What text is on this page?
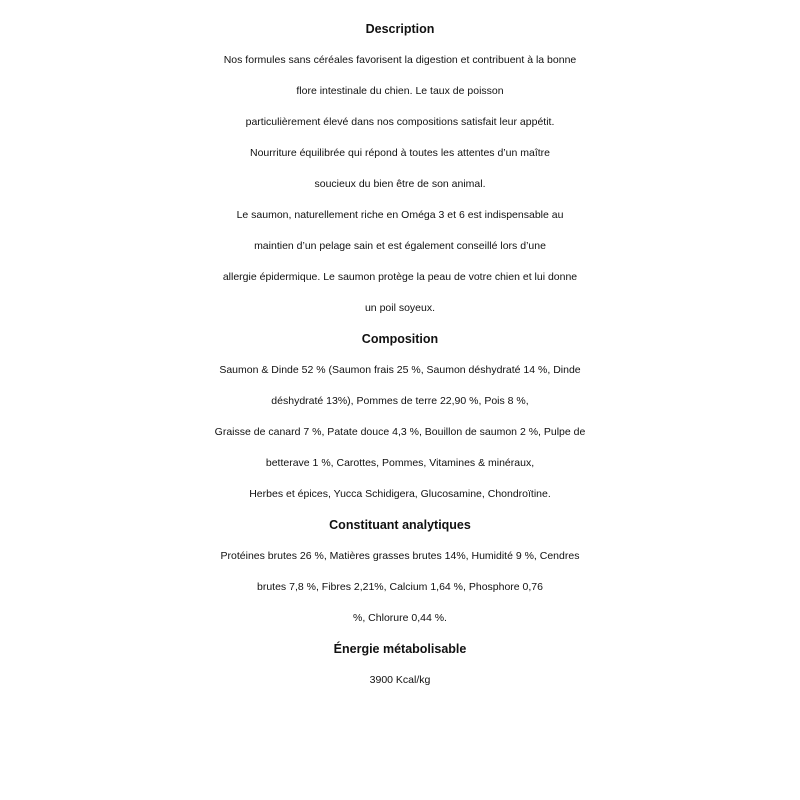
Description

Nos formules sans céréales favorisent la digestion et contribuent à la bonne

flore intestinale du chien. Le taux de poisson

particulièrement élevé dans nos compositions satisfait leur appétit.

Nourriture équilibrée qui répond à toutes les attentes d’un maître

soucieux du bien être de son animal.

Le saumon, naturellement riche en Oméga 3 et 6 est indispensable au

maintien d’un pelage sain et est également conseillé lors d’une

allergie épidermique. Le saumon protège la peau de votre chien et lui donne

un poil soyeux.

Composition

Saumon & Dinde 52 % (Saumon frais 25 %, Saumon déshydraté 14 %, Dinde

déshydraté 13%), Pommes de terre 22,90 %, Pois 8 %,

Graisse de canard 7 %, Patate douce 4,3 %, Bouillon de saumon 2 %, Pulpe de

betterave 1 %, Carottes, Pommes, Vitamines & minéraux,

Herbes et épices, Yucca Schidigera, Glucosamine, Chondroïtine.

Constituant analytiques

Protéines brutes 26 %, Matières grasses brutes 14%, Humidité 9 %, Cendres

brutes 7,8 %, Fibres 2,21%, Calcium 1,64 %, Phosphore 0,76

%, Chlorure 0,44 %.

Énergie métabolisable

3900 Kcal/kg
